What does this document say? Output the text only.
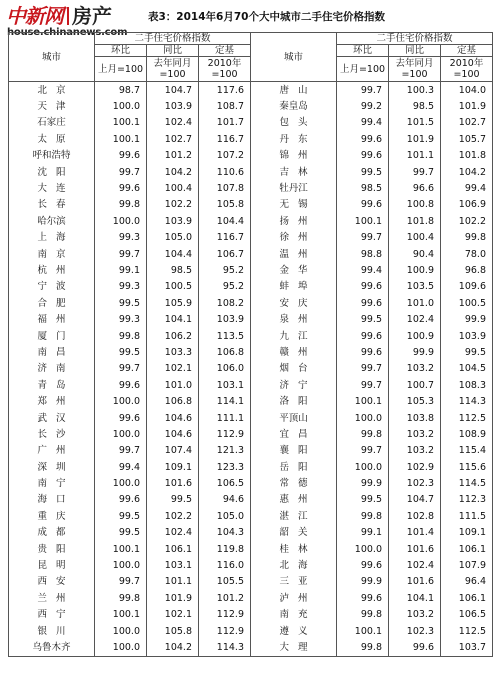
中新网 房产
house.chinanews.com
表3：2014年6月70个大中城市二手住宅价格指数
城市	二手住宅价格指数			城市	二手住宅价格指数		
	环比	同比	定基		环比	同比	定基
	上月=100	去年同月=100	2010年=100		上月=100	去年同月=100	2010年=100
北京	98.7	104.7	117.6	唐山	99.7	100.3	104.0
天津	100.0	103.9	108.7	秦皇岛	99.2	98.5	101.9
石家庄	100.1	102.4	101.7	包头	99.4	101.5	102.7
太原	100.1	102.7	116.7	丹东	99.6	101.9	105.7
呼和浩特	99.6	101.2	107.2	锦州	99.6	101.1	101.8
沈阳	99.7	104.2	110.6	吉林	99.5	99.7	104.2
大连	99.6	100.4	107.8	牡丹江	98.5	96.6	99.4
长春	99.8	102.2	105.8	无锡	99.6	100.8	106.9
哈尔滨	100.0	103.9	104.4	扬州	100.1	101.8	102.2
上海	99.3	105.0	116.7	徐州	99.7	100.4	99.8
南京	99.7	104.4	106.7	温州	98.8	90.4	78.0
杭州	99.1	98.5	95.2	金华	99.4	100.9	96.8
宁波	99.3	100.5	95.2	蚌埠	99.6	103.5	109.6
合肥	99.5	105.9	108.2	安庆	99.6	101.0	100.5
福州	99.3	104.1	103.9	泉州	99.5	102.4	99.9
厦门	99.8	106.2	113.5	九江	99.6	100.9	103.9
南昌	99.5	103.3	106.8	赣州	99.6	99.9	99.5
济南	99.7	102.1	106.0	烟台	99.7	103.2	104.5
青岛	99.6	101.0	103.1	济宁	99.7	100.7	108.3
郑州	100.0	106.8	114.1	洛阳	100.1	105.3	114.3
武汉	99.6	104.6	111.1	平顶山	100.0	103.8	112.5
长沙	100.0	104.6	112.9	宜昌	99.8	103.2	108.9
广州	99.7	107.4	121.3	襄阳	99.7	103.2	115.4
深圳	99.4	109.1	123.3	岳阳	100.0	102.9	115.6
南宁	100.0	101.6	106.5	常德	99.9	102.3	114.5
海口	99.6	99.5	94.6	惠州	99.5	104.7	112.3
重庆	99.5	102.2	105.0	湛江	99.8	102.8	111.5
成都	99.5	102.4	104.3	韶关	99.1	101.4	109.1
贵阳	100.1	106.1	119.8	桂林	100.0	101.6	106.1
昆明	100.0	103.1	116.0	北海	99.6	102.4	107.9
西安	99.7	101.1	105.5	三亚	99.9	101.6	96.4
兰州	99.8	101.9	101.2	泸州	99.6	104.1	106.1
西宁	100.1	102.1	112.9	南充	99.8	103.2	106.5
银川	100.0	105.8	112.9	遵义	100.1	102.3	112.5
乌鲁木齐	100.0	104.2	114.3	大理	99.8	99.6	103.7
